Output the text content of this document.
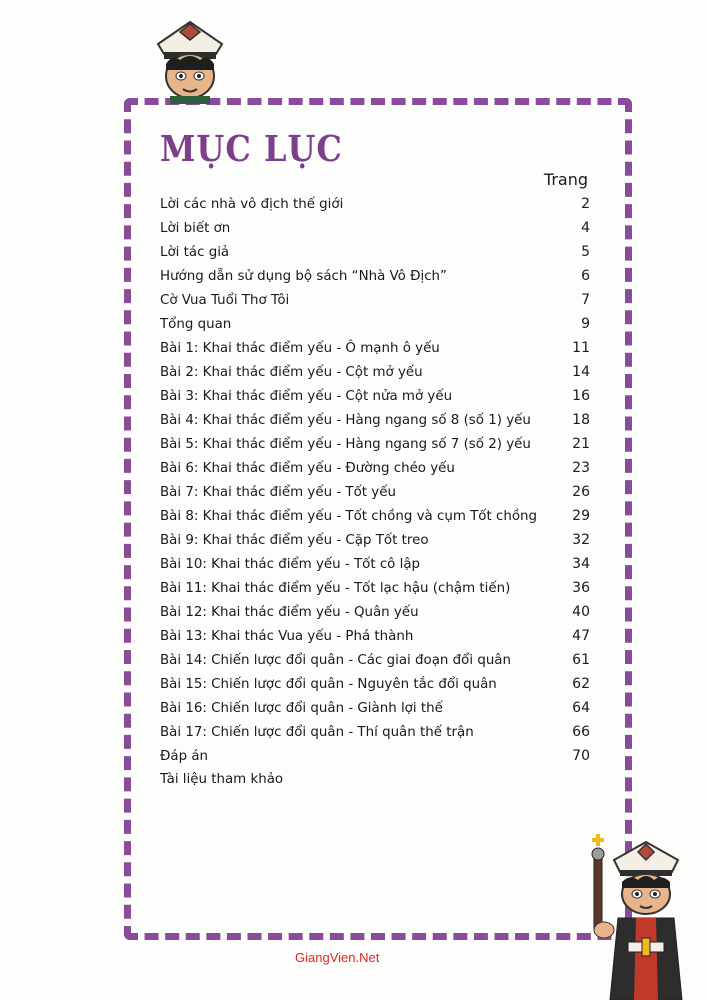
MỤC LỤC
Trang
Lời các nhà vô địch thế giới	2
Lời biết ơn	4
Lời tác giả	5
Hướng dẫn sử dụng bộ sách “Nhà Vô Địch”	6
Cờ Vua Tuổi Thơ Tôi	7
Tổng quan	9
Bài 1: Khai thác điểm yếu - Ô mạnh ô yếu	11
Bài 2: Khai thác điểm yếu - Cột mở yếu	14
Bài 3: Khai thác điểm yếu - Cột nửa mở yếu	16
Bài 4: Khai thác điểm yếu - Hàng ngang số 8 (số 1) yếu	18
Bài 5: Khai thác điểm yếu - Hàng ngang số 7 (số 2) yếu	21
Bài 6: Khai thác điểm yếu - Đường chéo yếu	23
Bài 7: Khai thác điểm yếu - Tốt yếu	26
Bài 8: Khai thác điểm yếu - Tốt chồng và cụm Tốt chồng	29
Bài 9: Khai thác điểm yếu - Cặp Tốt treo	32
Bài 10: Khai thác điểm yếu - Tốt cô lập	34
Bài 11: Khai thác điểm yếu - Tốt lạc hậu (chậm tiến)	36
Bài 12: Khai thác điểm yếu - Quân yếu	40
Bài 13: Khai thác Vua yếu - Phá thành	47
Bài 14: Chiến lược đổi quân - Các giai đoạn đổi quân	61
Bài 15: Chiến lược đổi quân - Nguyên tắc đổi quân	62
Bài 16: Chiến lược đổi quân - Giành lợi thế	64
Bài 17: Chiến lược đổi quân - Thí quân thế trận	66
Đáp án	70
Tài liệu tham khảo
GiangVien.Net
